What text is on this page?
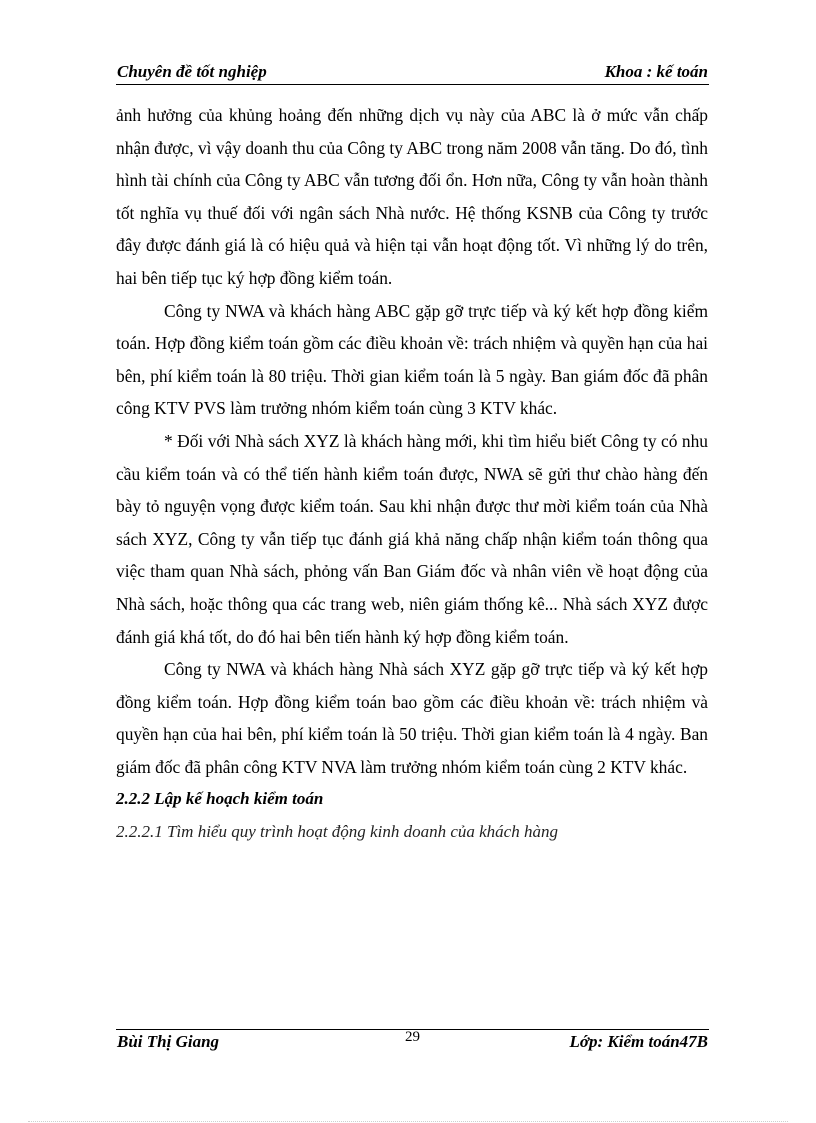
Chuyên đề tốt nghiệp	Khoa : kế toán

ảnh hưởng của khủng hoảng đến những dịch vụ này của ABC là ở mức vẫn chấp nhận được, vì vậy doanh thu của Công ty ABC trong năm 2008 vẫn tăng. Do đó, tình hình tài chính của Công ty ABC vẫn tương đối ổn. Hơn nữa, Công ty vẫn hoàn thành tốt nghĩa vụ thuế đối với ngân sách Nhà nước. Hệ thống KSNB của Công ty trước đây được đánh giá là có hiệu quả và hiện tại vẫn hoạt động tốt. Vì những lý do trên, hai bên tiếp tục ký hợp đồng kiểm toán.

Công ty NWA và khách hàng ABC gặp gỡ trực tiếp và ký kết hợp đồng kiểm toán. Hợp đồng kiểm toán gồm các điều khoản về: trách nhiệm và quyền hạn của hai bên, phí kiểm toán là 80 triệu. Thời gian kiểm toán là 5 ngày. Ban giám đốc đã phân công KTV PVS làm trưởng nhóm kiểm toán cùng 3 KTV khác.

* Đối với Nhà sách XYZ là khách hàng mới, khi tìm hiểu biết Công ty có nhu cầu kiểm toán và có thể tiến hành kiểm toán được, NWA sẽ gửi thư chào hàng đến bày tỏ nguyện vọng được kiểm toán. Sau khi nhận được thư mời kiểm toán của Nhà sách XYZ, Công ty vẫn tiếp tục đánh giá khả năng chấp nhận kiểm toán thông qua việc tham quan Nhà sách, phỏng vấn Ban Giám đốc và nhân viên về hoạt động của Nhà sách, hoặc thông qua các trang web, niên giám thống kê... Nhà sách XYZ được đánh giá khá tốt, do đó hai bên tiến hành ký hợp đồng kiểm toán.

Công ty NWA và khách hàng Nhà sách XYZ gặp gỡ trực tiếp và ký kết hợp đồng kiểm toán. Hợp đồng kiểm toán bao gồm các điều khoản về: trách nhiệm và quyền hạn của hai bên, phí kiểm toán là 50 triệu. Thời gian kiểm toán là 4 ngày. Ban giám đốc đã phân công KTV NVA làm trưởng nhóm kiểm toán cùng 2 KTV khác.

2.2.2 Lập kế hoạch kiểm toán
2.2.2.1 Tìm hiểu quy trình hoạt động kinh doanh của khách hàng
Bùi Thị Giang	29	Lớp: Kiểm toán47B
